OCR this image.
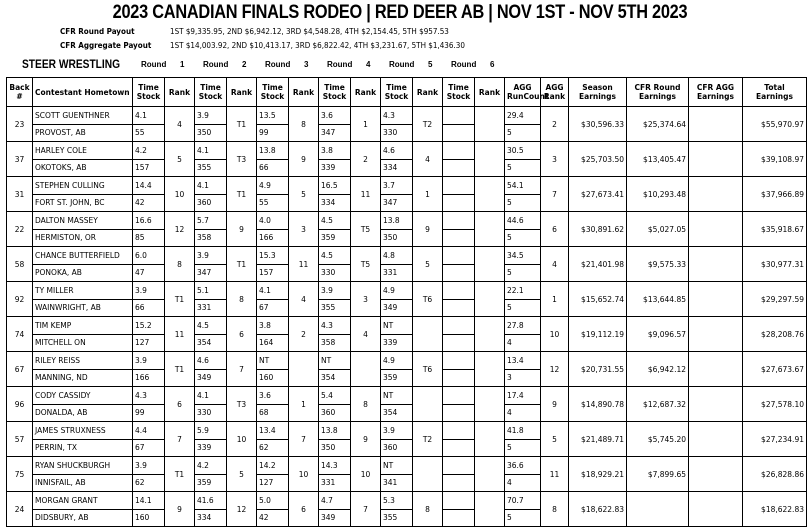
2023 CANADIAN FINALS RODEO | RED DEER AB | NOV 1ST - NOV 5TH 2023
CFR Round Payout	1ST $9,335.95, 2ND $6,942.12, 3RD $4,548.28, 4TH $2,154.45, 5TH $957.53
CFR Aggregate Payout 1ST $14,003.92, 2ND $10,413.17, 3RD $6,822.42, 4TH $3,231.67, 5TH $1,436.30
STEER WRESTLING	Round 1 Round 2 Round 3 Round 4 Round 5 Round 6
Back #	Contestant Hometown	Time Stock	Rank	Time Stock	Rank	Time Stock	Rank	Time Stock	Rank	Time Stock	Rank	Time Stock	Rank	AGG RunCount	AGG Rank	Season Earnings	CFR Round Earnings	CFR AGG Earnings	Total Earnings
23	SCOTT GUENTHNER	4.1	4	3.9	T1	13.5	8	3.6	1	4.3	T2			29.4	2	$30,596.33	$25,374.64		$55,970.97
	PROVOST, AB	55		350		99		347		330				5					
37	HARLEY COLE	4.2	5	4.1	T3	13.8	9	3.8	2	4.6	4			30.5	3	$25,703.50	$13,405.47		$39,108.97
	OKOTOKS, AB	157		355		66		339		334				5					
31	STEPHEN CULLING	14.4	10	4.1	T1	4.9	5	16.5	11	3.7	1			54.1	7	$27,673.41	$10,293.48		$37,966.89
	FORT ST. JOHN, BC	42		360		55		334		347				5					
22	DALTON MASSEY	16.6	12	5.7	9	4.0	3	4.5	T5	13.8	9			44.6	6	$30,891.62	$5,027.05		$35,918.67
	HERMISTON, OR	85		358		166		359		350				5					
58	CHANCE BUTTERFIELD	6.0	8	3.9	T1	15.3	11	4.5	T5	4.8	5			34.5	4	$21,401.98	$9,575.33		$30,977.31
	PONOKA, AB	47		347		157		330		331				5					
92	TY MILLER	3.9	T1	5.1	8	4.1	4	3.9	3	4.9	T6			22.1	1	$15,652.74	$13,644.85		$29,297.59
	WAINWRIGHT, AB	66		331		67		355		349				5					
74	TIM KEMP	15.2	11	4.5	6	3.8	2	4.3	4	NT				27.8	10	$19,112.19	$9,096.57		$28,208.76
	MITCHELL ON	127		354		164		358		339				4					
67	RILEY REISS	3.9	T1	4.6	7	NT		NT		4.9	T6			13.4	12	$20,731.55	$6,942.12		$27,673.67
	MANNING, ND	166		349		160		354		359				3					
96	CODY CASSIDY	4.3	6	4.1	T3	3.6	1	5.4	8	NT				17.4	9	$14,890.78	$12,687.32		$27,578.10
	DONALDA, AB	99		330		68		360		354				4					
57	JAMES STRUXNESS	4.4	7	5.9	10	13.4	7	13.8	9	3.9	T2			41.8	5	$21,489.71	$5,745.20		$27,234.91
	PERRIN, TX	67		339		62		350		360				5					
75	RYAN SHUCKBURGH	3.9	T1	4.2	5	14.2	10	14.3	10	NT				36.6	11	$18,929.21	$7,899.65		$26,828.86
	INNISFAIL, AB	62		359		127		331		341				4					
24	MORGAN GRANT	14.1	9	41.6	12	5.0	6	4.7	7	5.3	8			70.7	8	$18,622.83			$18,622.83
	DIDSBURY, AB	160		334		42		349		355				5					
